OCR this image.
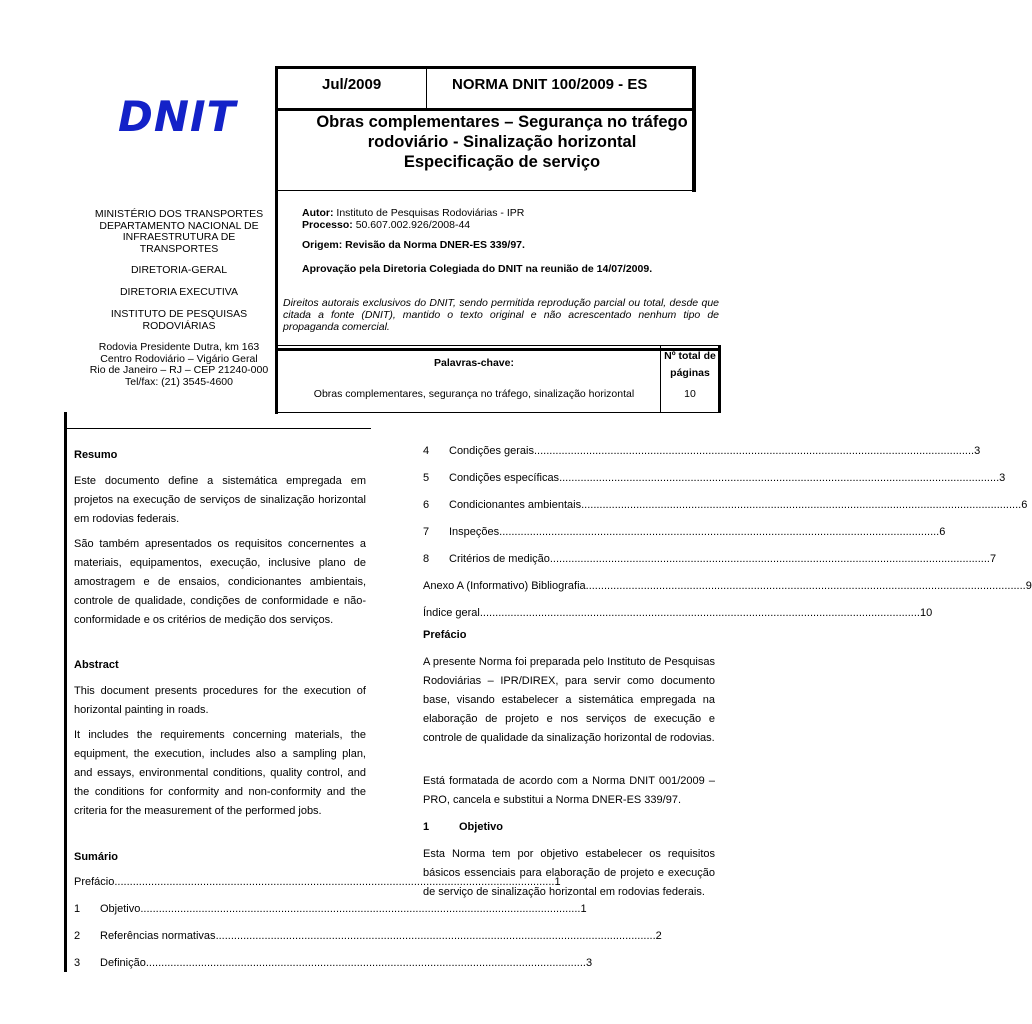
DNIT
Jul/2009	NORMA DNIT 100/2009 - ES
Obras complementares – Segurança no tráfego
rodoviário - Sinalização horizontal
Especificação de serviço
MINISTÉRIO DOS TRANSPORTES
DEPARTAMENTO NACIONAL DE
INFRAESTRUTURA DE
TRANSPORTES
DIRETORIA-GERAL
DIRETORIA EXECUTIVA
INSTITUTO DE PESQUISAS
RODOVIÁRIAS
Rodovia Presidente Dutra, km 163
Centro Rodoviário – Vigário Geral
Rio de Janeiro – RJ – CEP 21240-000
Tel/fax: (21) 3545-4600
Autor: Instituto de Pesquisas Rodoviárias - IPR
Processo: 50.607.002.926/2008-44
Origem: Revisão da Norma DNER-ES 339/97.
Aprovação pela Diretoria Colegiada do DNIT na reunião de 14/07/2009.
Direitos autorais exclusivos do DNIT, sendo permitida reprodução parcial ou total, desde que citada a fonte (DNIT), mantido o texto original e não acrescentado nenhum tipo de propaganda comercial.
Palavras-chave:
Obras complementares, segurança no tráfego, sinalização horizontal
Nº total de
páginas
10
Resumo
Este documento define a sistemática empregada em projetos na execução de serviços de sinalização horizontal em rodovias federais.
São também apresentados os requisitos concernentes a materiais, equipamentos, execução, inclusive plano de amostragem e de ensaios, condicionantes ambientais, controle de qualidade, condições de conformidade e não-conformidade e os critérios de medição dos serviços.
Abstract
This document presents procedures for the execution of horizontal painting in roads.
It includes the requirements concerning materials, the equipment, the execution, includes also a sampling plan, and essays, environmental conditions, quality control, and the conditions for conformity and non-conformity and the criteria for the measurement of the performed jobs.
Sumário
Prefácio .....	1
1	Objetivo .....	1
2	Referências normativas .....	2
3	Definição .....	3
4	Condições gerais .....	3
5	Condições específicas .....	3
6	Condicionantes ambientais .....	6
7	Inspeções .....	6
8	Critérios de medição .....	7
Anexo A (Informativo) Bibliografia .....	9
Índice geral .....	10
Prefácio
A presente Norma foi preparada pelo Instituto de Pesquisas Rodoviárias – IPR/DIREX, para servir como documento base, visando estabelecer a sistemática empregada na elaboração de projeto e nos serviços de execução e controle de qualidade da sinalização horizontal de rodovias.
Está formatada de acordo com a Norma DNIT 001/2009 – PRO, cancela e substitui a Norma DNER-ES 339/97.
1	Objetivo
Esta Norma tem por objetivo estabelecer os requisitos básicos essenciais para elaboração de projeto e execução de serviço de sinalização horizontal em rodovias federais.
